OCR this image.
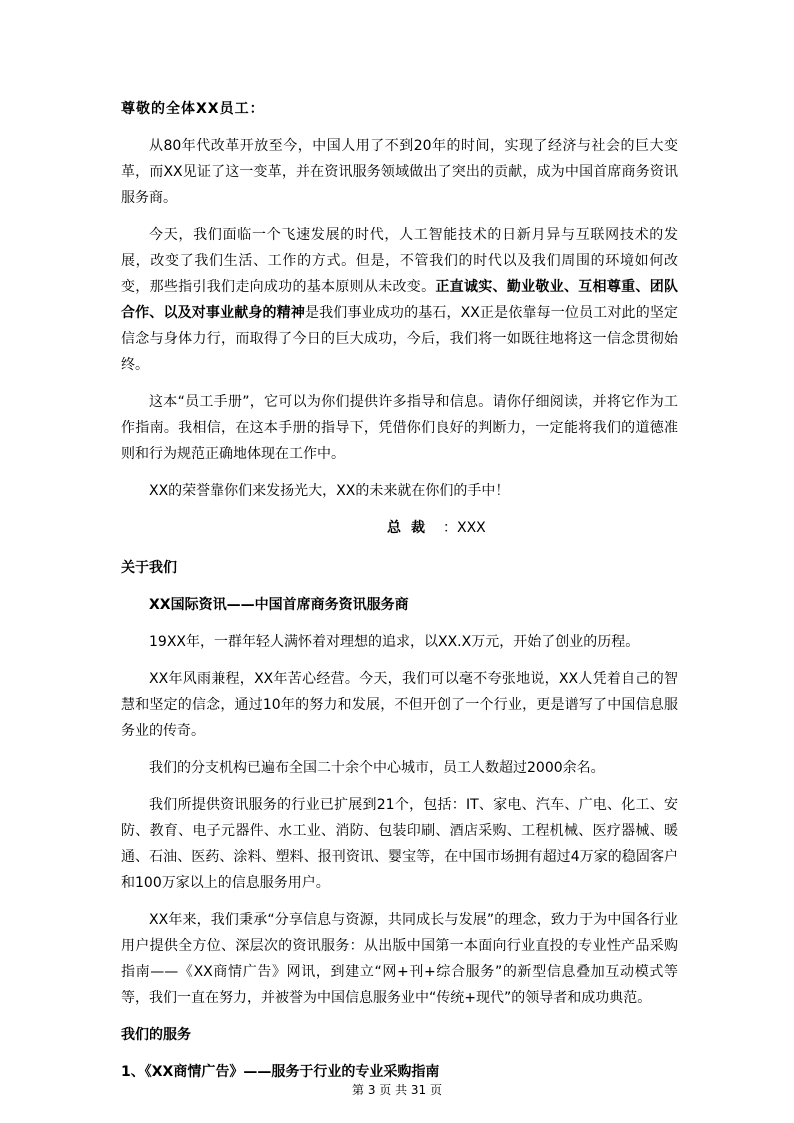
尊敬的全体XX员工：

从80年代改革开放至今，中国人用了不到20年的时间，实现了经济与社会的巨大变革，而XX见证了这一变革，并在资讯服务领域做出了突出的贡献，成为中国首席商务资讯服务商。

今天，我们面临一个飞速发展的时代，人工智能技术的日新月异与互联网技术的发展，改变了我们生活、工作的方式。但是，不管我们的时代以及我们周围的环境如何改变，那些指引我们走向成功的基本原则从未改变。正直诚实、勤业敬业、互相尊重、团队合作、以及对事业献身的精神是我们事业成功的基石，XX正是依靠每一位员工对此的坚定信念与身体力行，而取得了今日的巨大成功，今后，我们将一如既往地将这一信念贯彻始终。

这本“员工手册”，它可以为你们提供许多指导和信息。请你仔细阅读，并将它作为工作指南。我相信，在这本手册的指导下，凭借你们良好的判断力，一定能将我们的道德准则和行为规范正确地体现在工作中。

XX的荣誉靠你们来发扬光大，XX的未来就在你们的手中！

总裁 ：XXX
关于我们
XX国际资讯——中国首席商务资讯服务商

19XX年，一群年轻人满怀着对理想的追求，以XX.X万元，开始了创业的历程。

XX年风雨兼程，XX年苦心经营。今天，我们可以毫不夸张地说，XX人凭着自己的智慧和坚定的信念，通过10年的努力和发展，不但开创了一个行业，更是谱写了中国信息服务业的传奇。

我们的分支机构已遍布全国二十余个中心城市，员工人数超过2000余名。

我们所提供资讯服务的行业已扩展到21个，包括：IT、家电、汽车、广电、化工、安防、教育、电子元器件、水工业、消防、包装印刷、酒店采购、工程机械、医疗器械、暖通、石油、医药、涂料、塑料、报刊资讯、婴宝等，在中国市场拥有超过4万家的稳固客户和100万家以上的信息服务用户。

XX年来，我们秉承“分享信息与资源，共同成长与发展”的理念，致力于为中国各行业用户提供全方位、深层次的资讯服务：从出版中国第一本面向行业直投的专业性产品采购指南——《XX商情广告》网讯，到建立“网+刊+综合服务”的新型信息叠加互动模式等等，我们一直在努力，并被誉为中国信息服务业中“传统+现代”的领导者和成功典范。

我们的服务
1、《XX商情广告》——服务于行业的专业采购指南
第 3 页 共 31 页
